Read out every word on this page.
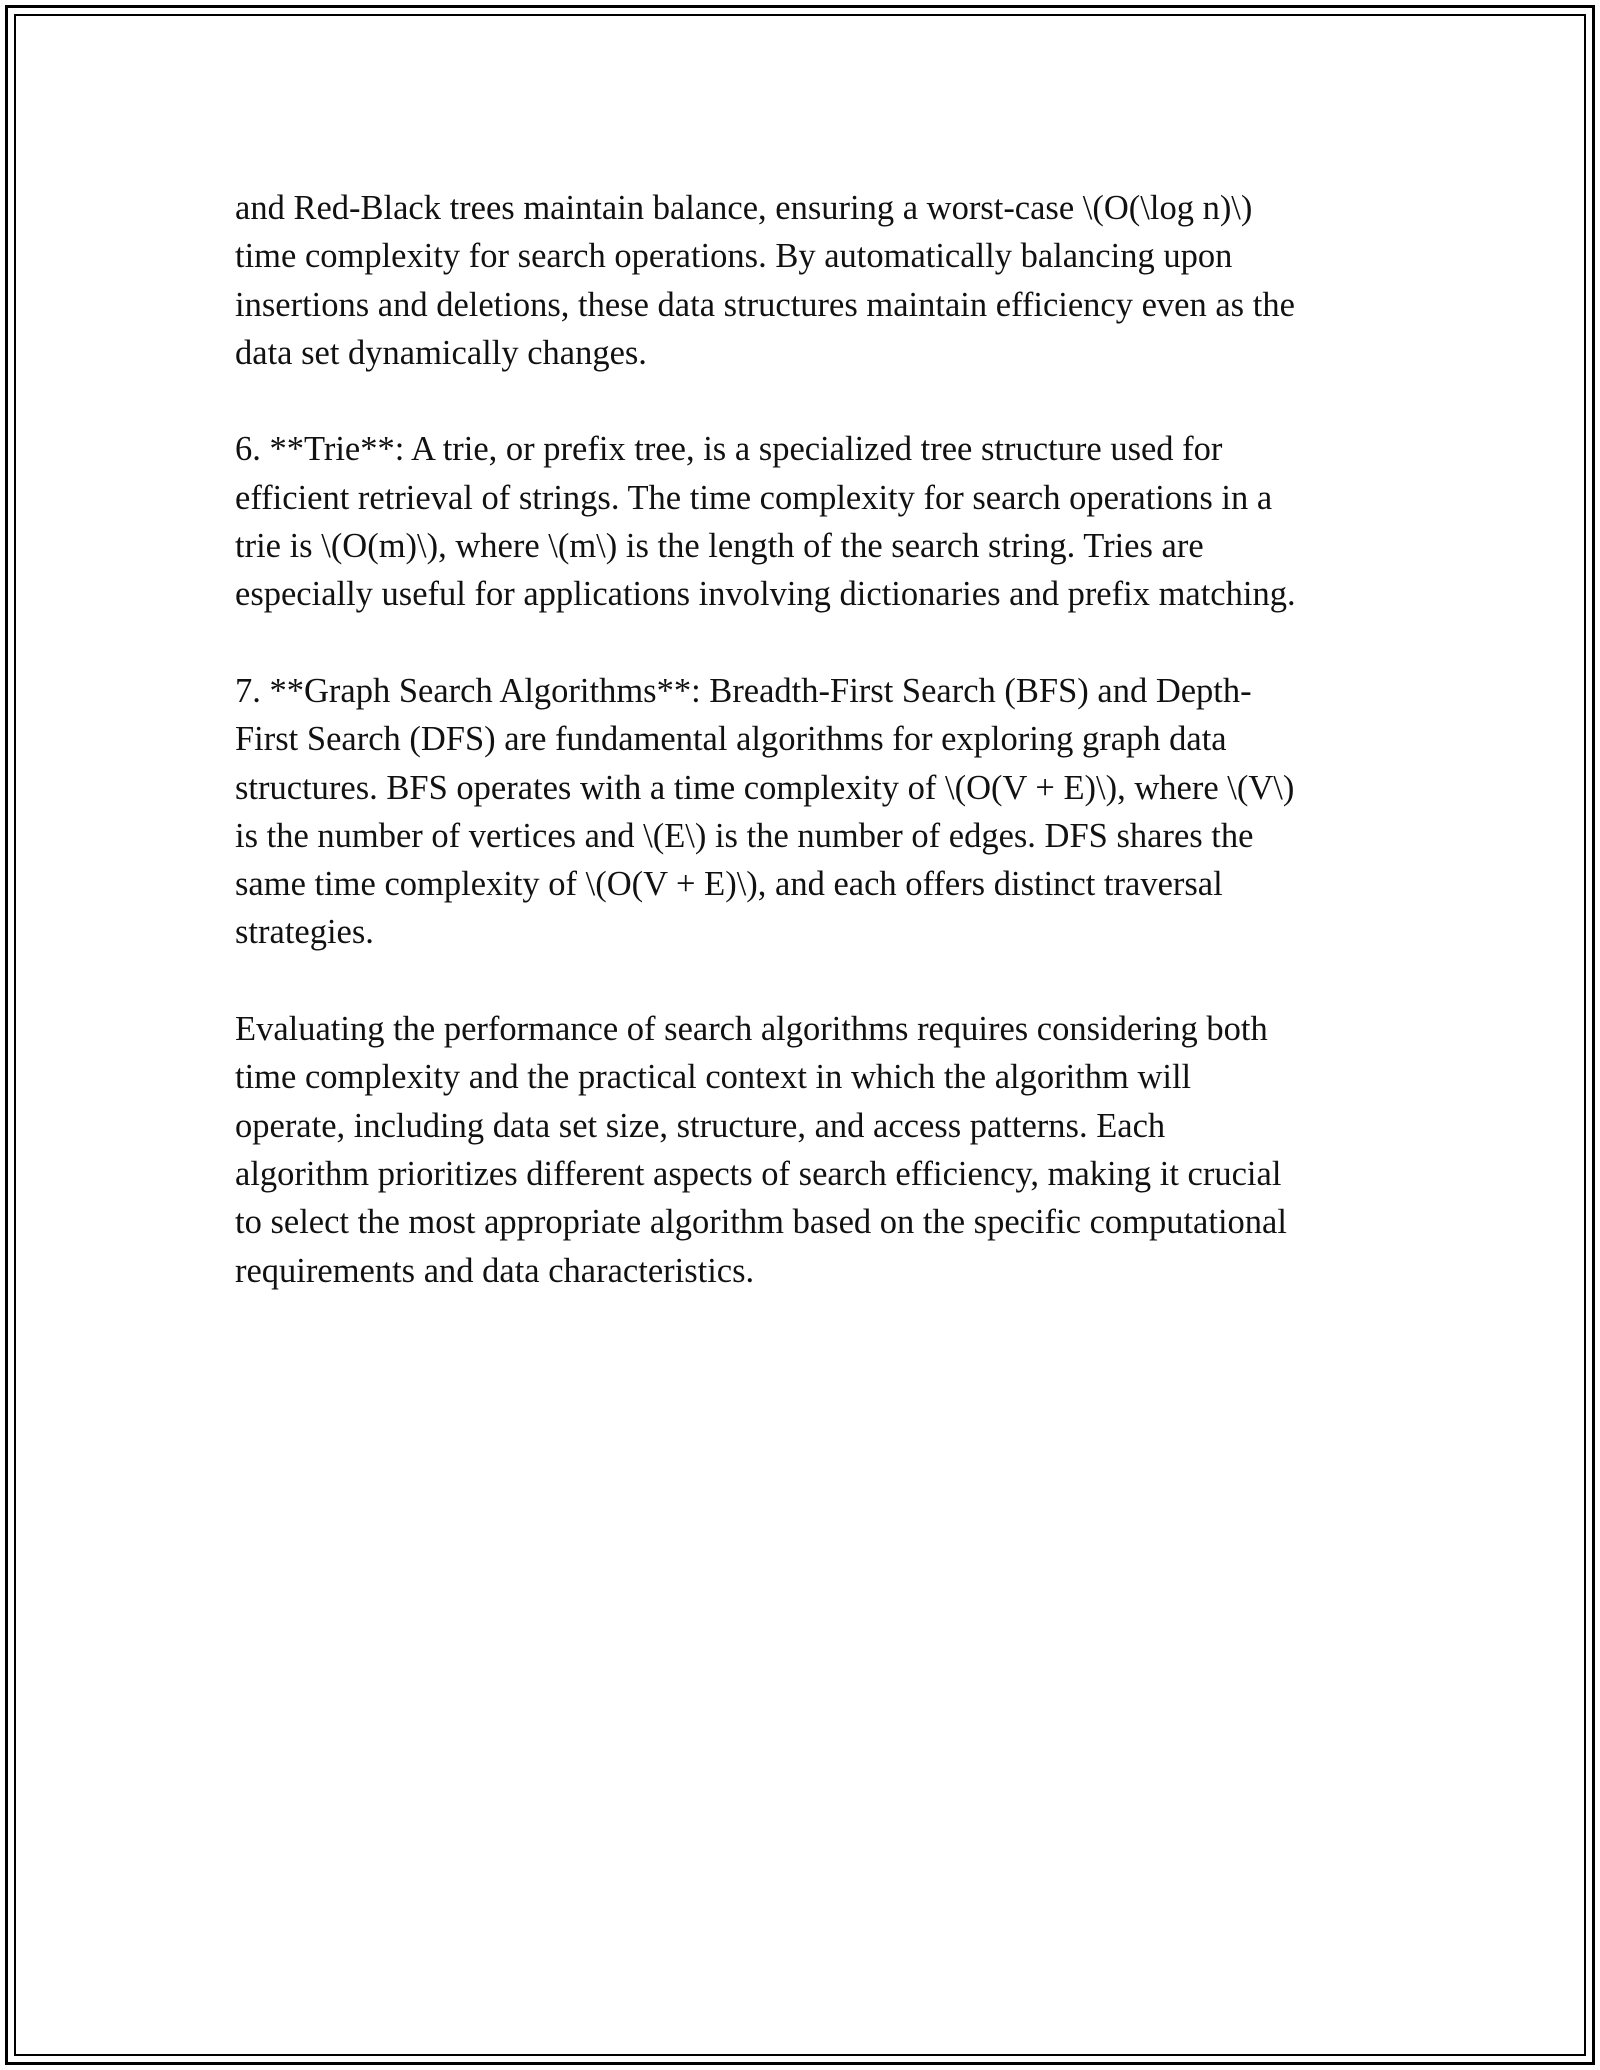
and Red-Black trees maintain balance, ensuring a worst-case \(O(\log n)\)
time complexity for search operations. By automatically balancing upon
insertions and deletions, these data structures maintain efficiency even as the
data set dynamically changes.

6. **Trie**: A trie, or prefix tree, is a specialized tree structure used for
efficient retrieval of strings. The time complexity for search operations in a
trie is \(O(m)\), where \(m\) is the length of the search string. Tries are
especially useful for applications involving dictionaries and prefix matching.

7. **Graph Search Algorithms**: Breadth-First Search (BFS) and Depth-
First Search (DFS) are fundamental algorithms for exploring graph data
structures. BFS operates with a time complexity of \(O(V + E)\), where \(V\)
is the number of vertices and \(E\) is the number of edges. DFS shares the
same time complexity of \(O(V + E)\), and each offers distinct traversal
strategies.

Evaluating the performance of search algorithms requires considering both
time complexity and the practical context in which the algorithm will
operate, including data set size, structure, and access patterns. Each
algorithm prioritizes different aspects of search efficiency, making it crucial
to select the most appropriate algorithm based on the specific computational
requirements and data characteristics.
